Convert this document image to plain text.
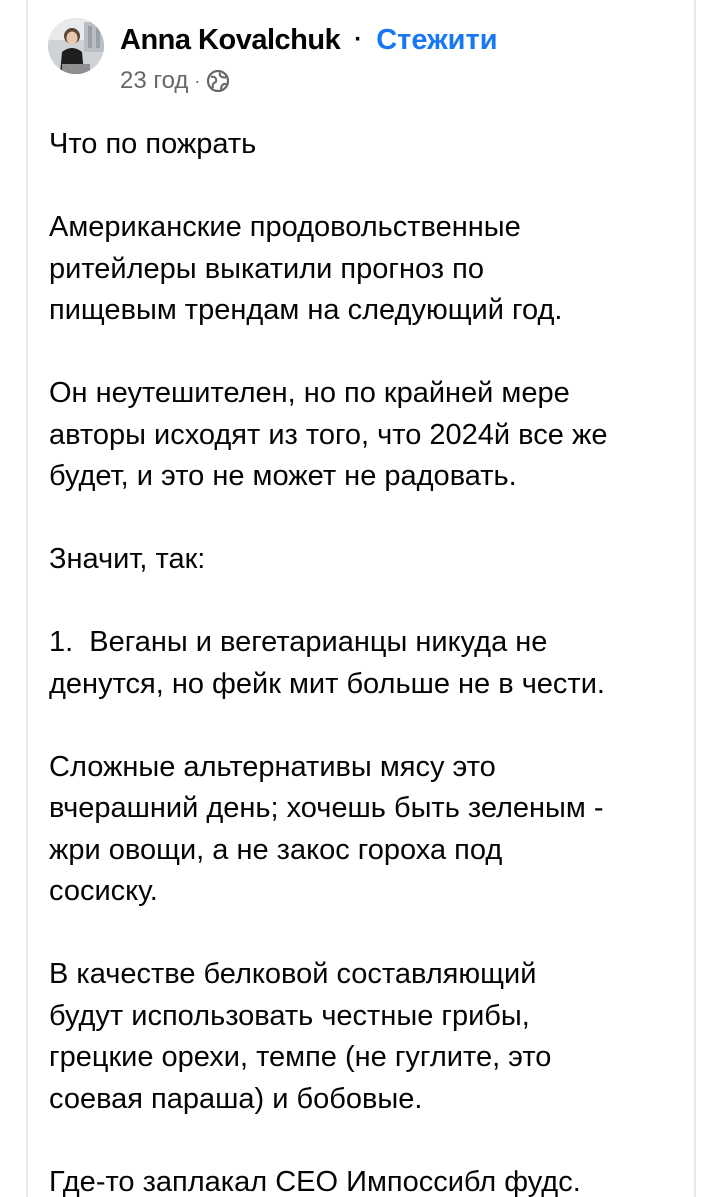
Anna Kovalchuk · Стежити
23 год ·

Что по пожрать

Американские продовольственные
ритейлеры выкатили прогноз по
пищевым трендам на следующий год.

Он неутешителен, но по крайней мере
авторы исходят из того, что 2024й все же
будет, и это не может не радовать.

Значит, так:

1.  Веганы и вегетарианцы никуда не
денутся, но фейк мит больше не в чести.

Сложные альтернативы мясу это
вчерашний день; хочешь быть зеленым -
жри овощи, а не закос гороха под
сосиску.

В качестве белковой составляющий
будут использовать честные грибы,
грецкие орехи, темпе (не гуглите, это
соевая параша) и бобовые.

Где-то заплакал СЕО Импоссибл фудс.
